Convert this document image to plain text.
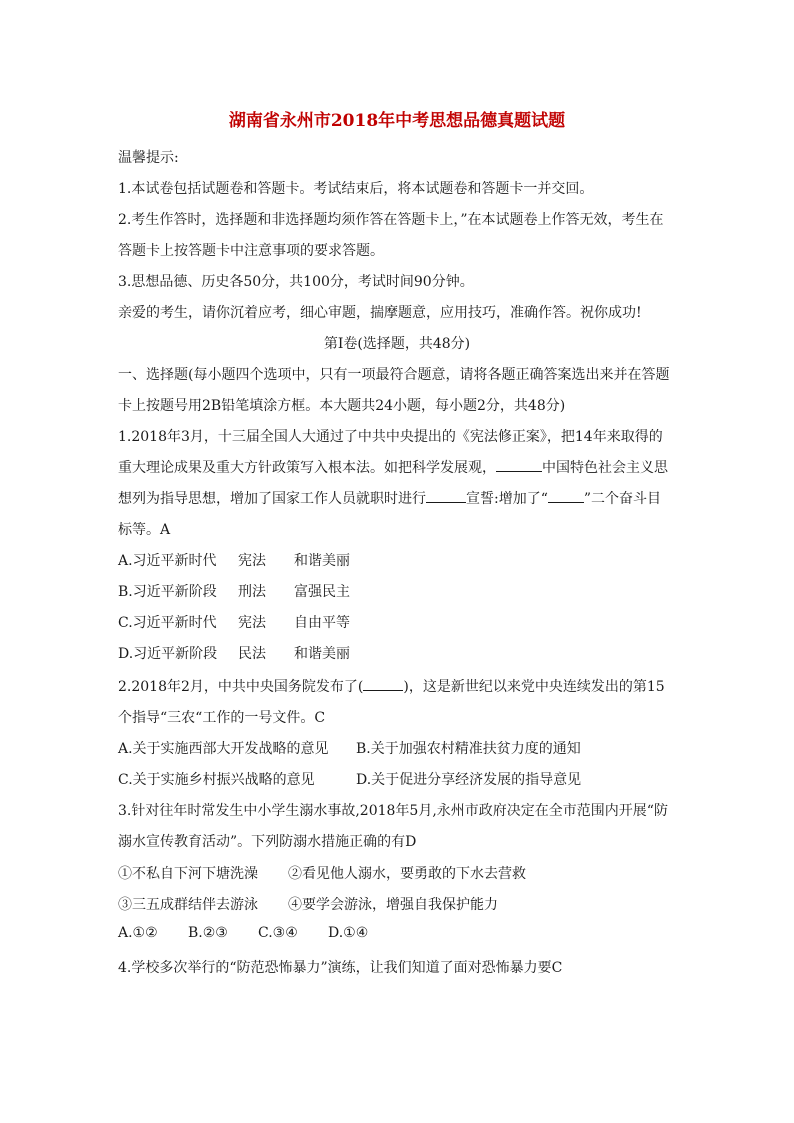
湖南省永州市2018年中考思想品德真题试题
温馨提示:
1.本试卷包括试题卷和答题卡。考试结束后，将本试题卷和答题卡一并交回。
2.考生作答时，选择题和非选择题均须作答在答题卡上，”在本试题卷上作答无效，考生在
答题卡上按答题卡中注意事项的要求答题。
3.思想品德、历史各50分，共100分，考试时间90分钟。
亲爱的考生，请你沉着应考，细心审题，揣摩题意，应用技巧，准确作答。祝你成功!
第I卷(选择题，共48分)
一、选择题(每小题四个选项中，只有一项最符合题意，请将各题正确答案选出来并在答题
卡上按题号用2B铅笔填涂方框。本大题共24小题，每小题2分，共48分)
1.2018年3月，十三届全国人大通过了中共中央提出的《宪法修正案》，把14年来取得的
重大理论成果及重大方针政策写入根本法。如把科学发展观，	中国特色社会主义思
想列为指导思想，增加了国家工作人员就职时进行	宣誓:增加了“	”二个奋斗目
标等。A
A.习近平新时代 宪法 和谐美丽
B.习近平新阶段 刑法 富强民主
C.习近平新时代 宪法 自由平等
D.习近平新阶段 民法 和谐美丽
2.2018年2月，中共中央国务院发布了(	)，这是新世纪以来党中央连续发出的第15
个指导“三农“工作的一号文件。C
A.关于实施西部大开发战略的意见 B.关于加强农村精准扶贫力度的通知
C.关于实施乡村振兴战略的意见	D.关于促进分享经济发展的指导意见
3.针对往年时常发生中小学生溺水事故,2018年5月,永州市政府决定在全市范围内开展“防
溺水宣传教育活动”。下列防溺水措施正确的有D
①不私自下河下塘洗澡 ②看见他人溺水，要勇敢的下水去营救
③三五成群结伴去游泳 ④要学会游泳，增强自我保护能力
A.①② B.②③ C.③④ D.①④
4.学校多次举行的“防范恐怖暴力”演练，让我们知道了面对恐怖暴力要C
